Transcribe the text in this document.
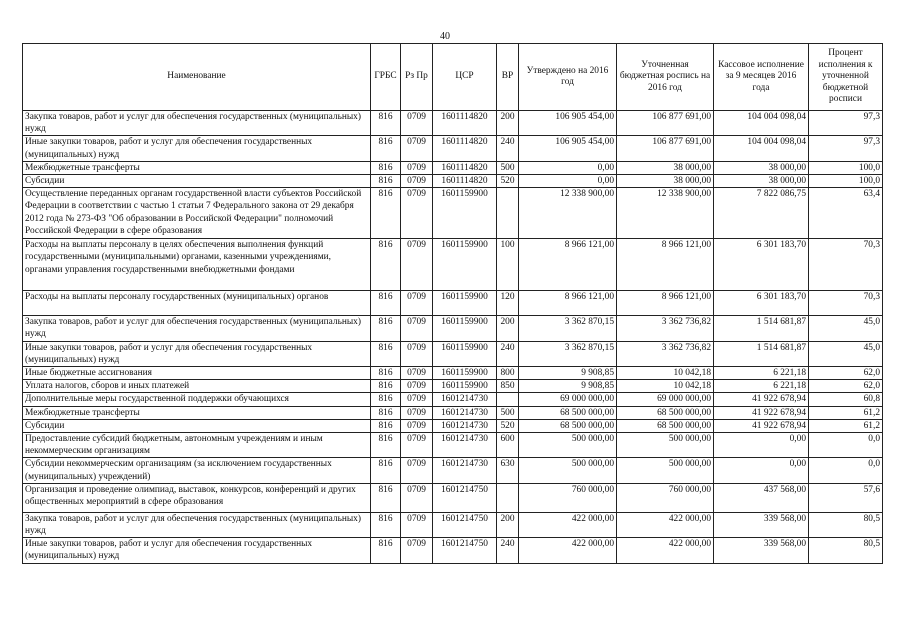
40
Наименование	ГРБС	Рз Пр	ЦСР	ВР	Утверждено на 2016 год	Уточненная бюджетная роспись на 2016 год	Кассовое исполнение за 9 месяцев 2016 года	Процент исполнения к уточненной бюджетной росписи
Закупка товаров, работ и услуг для обеспечения государственных (муниципальных) нужд	816	0709	1601114820	200	106 905 454,00	106 877 691,00	104 004 098,04	97,3
Иные закупки товаров, работ и услуг для обеспечения государственных (муниципальных) нужд	816	0709	1601114820	240	106 905 454,00	106 877 691,00	104 004 098,04	97,3
Межбюджетные трансферты	816	0709	1601114820	500	0,00	38 000,00	38 000,00	100,0
Субсидии	816	0709	1601114820	520	0,00	38 000,00	38 000,00	100,0
Осуществление переданных органам государственной власти субъектов Российской Федерации в соответствии с частью 1 статьи 7 Федерального закона от 29 декабря 2012 года № 273-ФЗ "Об образовании в Российской Федерации" полномочий Российской Федерации в сфере образования	816	0709	1601159900		12 338 900,00	12 338 900,00	7 822 086,75	63,4
Расходы на выплаты персоналу в целях обеспечения выполнения функций государственными (муниципальными) органами, казенными учреждениями, органами управления государственными внебюджетными фондами	816	0709	1601159900	100	8 966 121,00	8 966 121,00	6 301 183,70	70,3
Расходы на выплаты персоналу государственных (муниципальных) органов	816	0709	1601159900	120	8 966 121,00	8 966 121,00	6 301 183,70	70,3
Закупка товаров, работ и услуг для обеспечения государственных (муниципальных) нужд	816	0709	1601159900	200	3 362 870,15	3 362 736,82	1 514 681,87	45,0
Иные закупки товаров, работ и услуг для обеспечения государственных (муниципальных) нужд	816	0709	1601159900	240	3 362 870,15	3 362 736,82	1 514 681,87	45,0
Иные бюджетные ассигнования	816	0709	1601159900	800	9 908,85	10 042,18	6 221,18	62,0
Уплата налогов, сборов и иных платежей	816	0709	1601159900	850	9 908,85	10 042,18	6 221,18	62,0
Дополнительные меры государственной поддержки обучающихся	816	0709	1601214730		69 000 000,00	69 000 000,00	41 922 678,94	60,8
Межбюджетные трансферты	816	0709	1601214730	500	68 500 000,00	68 500 000,00	41 922 678,94	61,2
Субсидии	816	0709	1601214730	520	68 500 000,00	68 500 000,00	41 922 678,94	61,2
Предоставление субсидий бюджетным, автономным учреждениям и иным некоммерческим организациям	816	0709	1601214730	600	500 000,00	500 000,00	0,00	0,0
Субсидии некоммерческим организациям (за исключением государственных (муниципальных) учреждений)	816	0709	1601214730	630	500 000,00	500 000,00	0,00	0,0
Организация и проведение олимпиад, выставок, конкурсов, конференций и других общественных мероприятий в сфере образования	816	0709	1601214750		760 000,00	760 000,00	437 568,00	57,6
Закупка товаров, работ и услуг для обеспечения государственных (муниципальных) нужд	816	0709	1601214750	200	422 000,00	422 000,00	339 568,00	80,5
Иные закупки товаров, работ и услуг для обеспечения государственных (муниципальных) нужд	816	0709	1601214750	240	422 000,00	422 000,00	339 568,00	80,5
